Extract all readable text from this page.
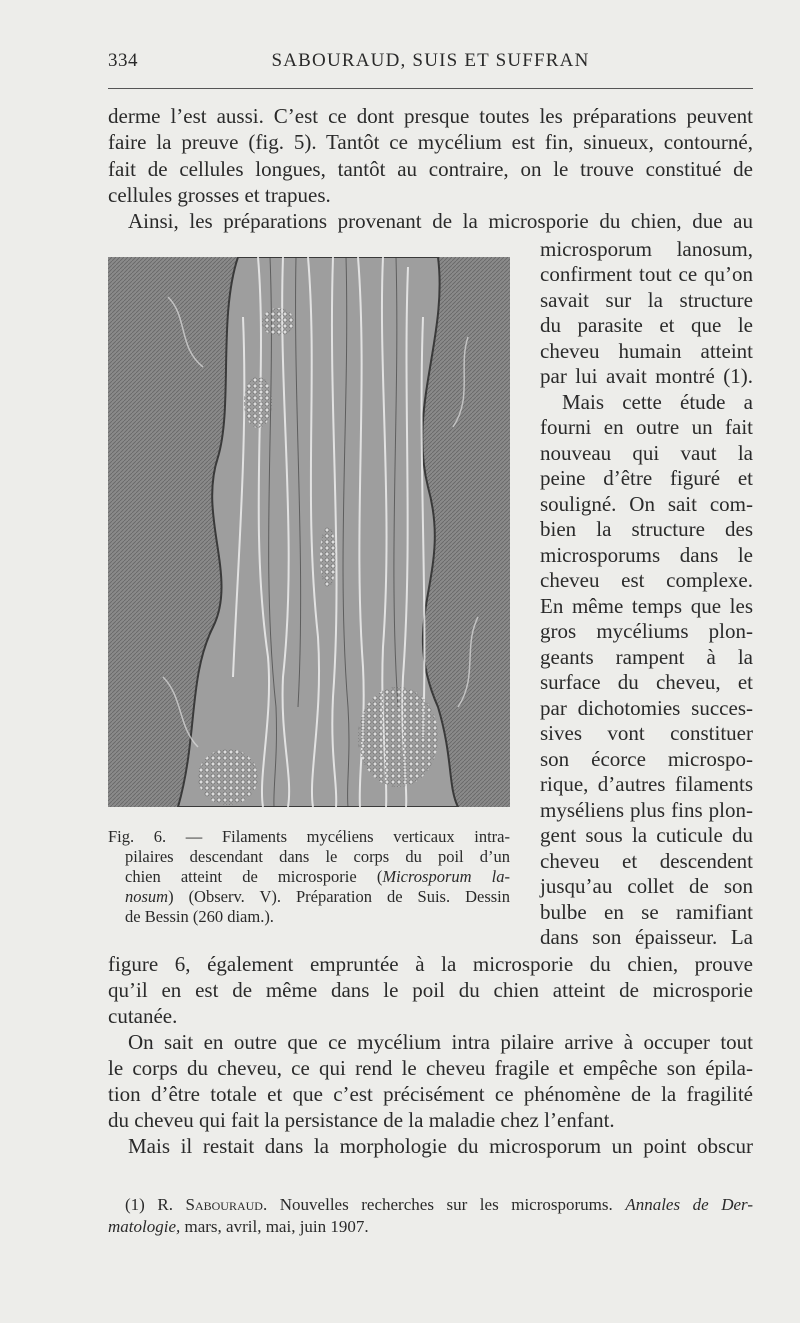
334	SABOURAUD, SUIS ET SUFFRAN
derme l’est aussi. C’est ce dont presque toutes les préparations peuvent
faire la preuve (fig. 5). Tantôt ce mycélium est fin, sinueux, contourné,
fait de cellules longues, tantôt au contraire, on le trouve constitué de
cellules grosses et trapues.
Ainsi, les préparations provenant de la microsporie du chien, due au
microsporum lanosum,
confirment tout ce qu’on
savait sur la structure
du parasite et que le
cheveu humain atteint
par lui avait montré (1).
Mais cette étude a
fourni en outre un fait
nouveau qui vaut la
peine d’être figuré et
souligné. On sait com-
bien la structure des
microsporums dans le
cheveu est complexe.
En même temps que les
gros mycéliums plon-
geants rampent à la
surface du cheveu, et
par dichotomies succes-
sives vont constituer
son écorce microspo-
rique, d’autres filaments
myséliens plus fins plon-
gent sous la cuticule du
cheveu et descendent
jusqu’au collet de son
bulbe en se ramifiant
dans son épaisseur. La
Fig. 6. — Filaments mycéliens verticaux intra-
pilaires descendant dans le corps du poil d’un
chien atteint de microsporie (Microsporum la-
nosum) (Observ. V). Préparation de Suis. Dessin
de Bessin (260 diam.).
figure 6, également empruntée à la microsporie du chien, prouve
qu’il en est de même dans le poil du chien atteint de microsporie
cutanée.
On sait en outre que ce mycélium intra pilaire arrive à occuper tout
le corps du cheveu, ce qui rend le cheveu fragile et empêche son épila-
tion d’être totale et que c’est précisément ce phénomène de la fragilité
du cheveu qui fait la persistance de la maladie chez l’enfant.
Mais il restait dans la morphologie du microsporum un point obscur
(1) R. Sabouraud. Nouvelles recherches sur les microsporums. Annales de Der-
matologie, mars, avril, mai, juin 1907.
